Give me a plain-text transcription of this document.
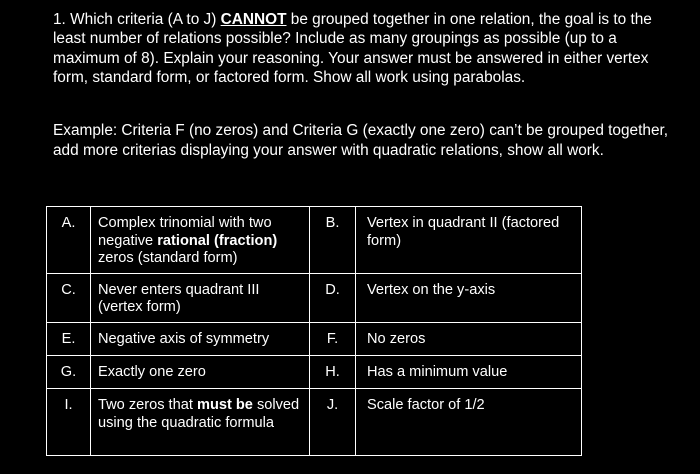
1. Which criteria (A to J) CANNOT be grouped together in one relation, the goal is to the least number of relations possible? Include as many groupings as possible (up to a maximum of 8). Explain your reasoning. Your answer must be answered in either vertex form, standard form, or factored form. Show all work using parabolas.

Example: Criteria F (no zeros) and Criteria G (exactly one zero) can’t be grouped together, add more criterias displaying your answer with quadratic relations, show all work.

A.	Complex trinomial with two negative rational (fraction) zeros (standard form)	B.	Vertex in quadrant II (factored form)
C.	Never enters quadrant III (vertex form)	D.	Vertex on the y-axis
E.	Negative axis of symmetry	F.	No zeros
G.	Exactly one zero	H.	Has a minimum value
I.	Two zeros that must be solved using the quadratic formula	J.	Scale factor of 1/2
